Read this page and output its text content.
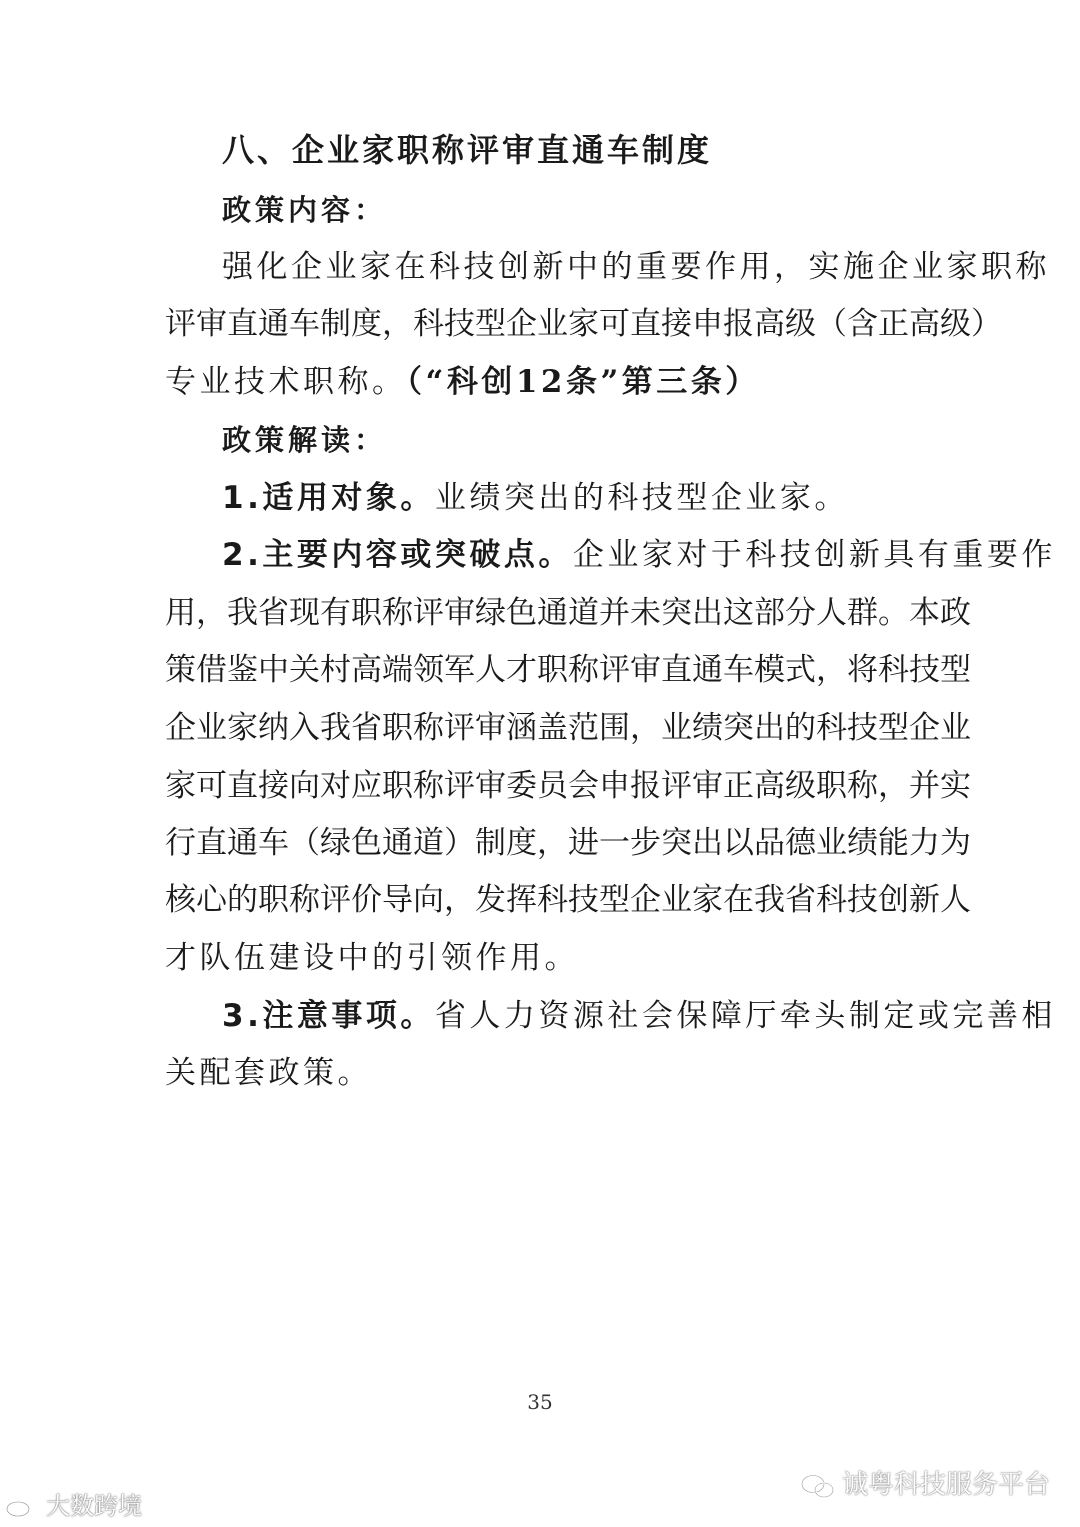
八、企业家职称评审直通车制度
政策内容：
强化企业家在科技创新中的重要作用，实施企业家职称
评审直通车制度，科技型企业家可直接申报高级（含正高级）
专业技术职称。（“科创12条”第三条）
政策解读：
1.适用对象。业绩突出的科技型企业家。
2.主要内容或突破点。企业家对于科技创新具有重要作
用，我省现有职称评审绿色通道并未突出这部分人群。本政
策借鉴中关村高端领军人才职称评审直通车模式，将科技型
企业家纳入我省职称评审涵盖范围，业绩突出的科技型企业
家可直接向对应职称评审委员会申报评审正高级职称，并实
行直通车（绿色通道）制度，进一步突出以品德业绩能力为
核心的职称评价导向，发挥科技型企业家在我省科技创新人
才队伍建设中的引领作用。
3.注意事项。省人力资源社会保障厅牵头制定或完善相
关配套政策。
35
大数跨境
诚粤科技服务平台
